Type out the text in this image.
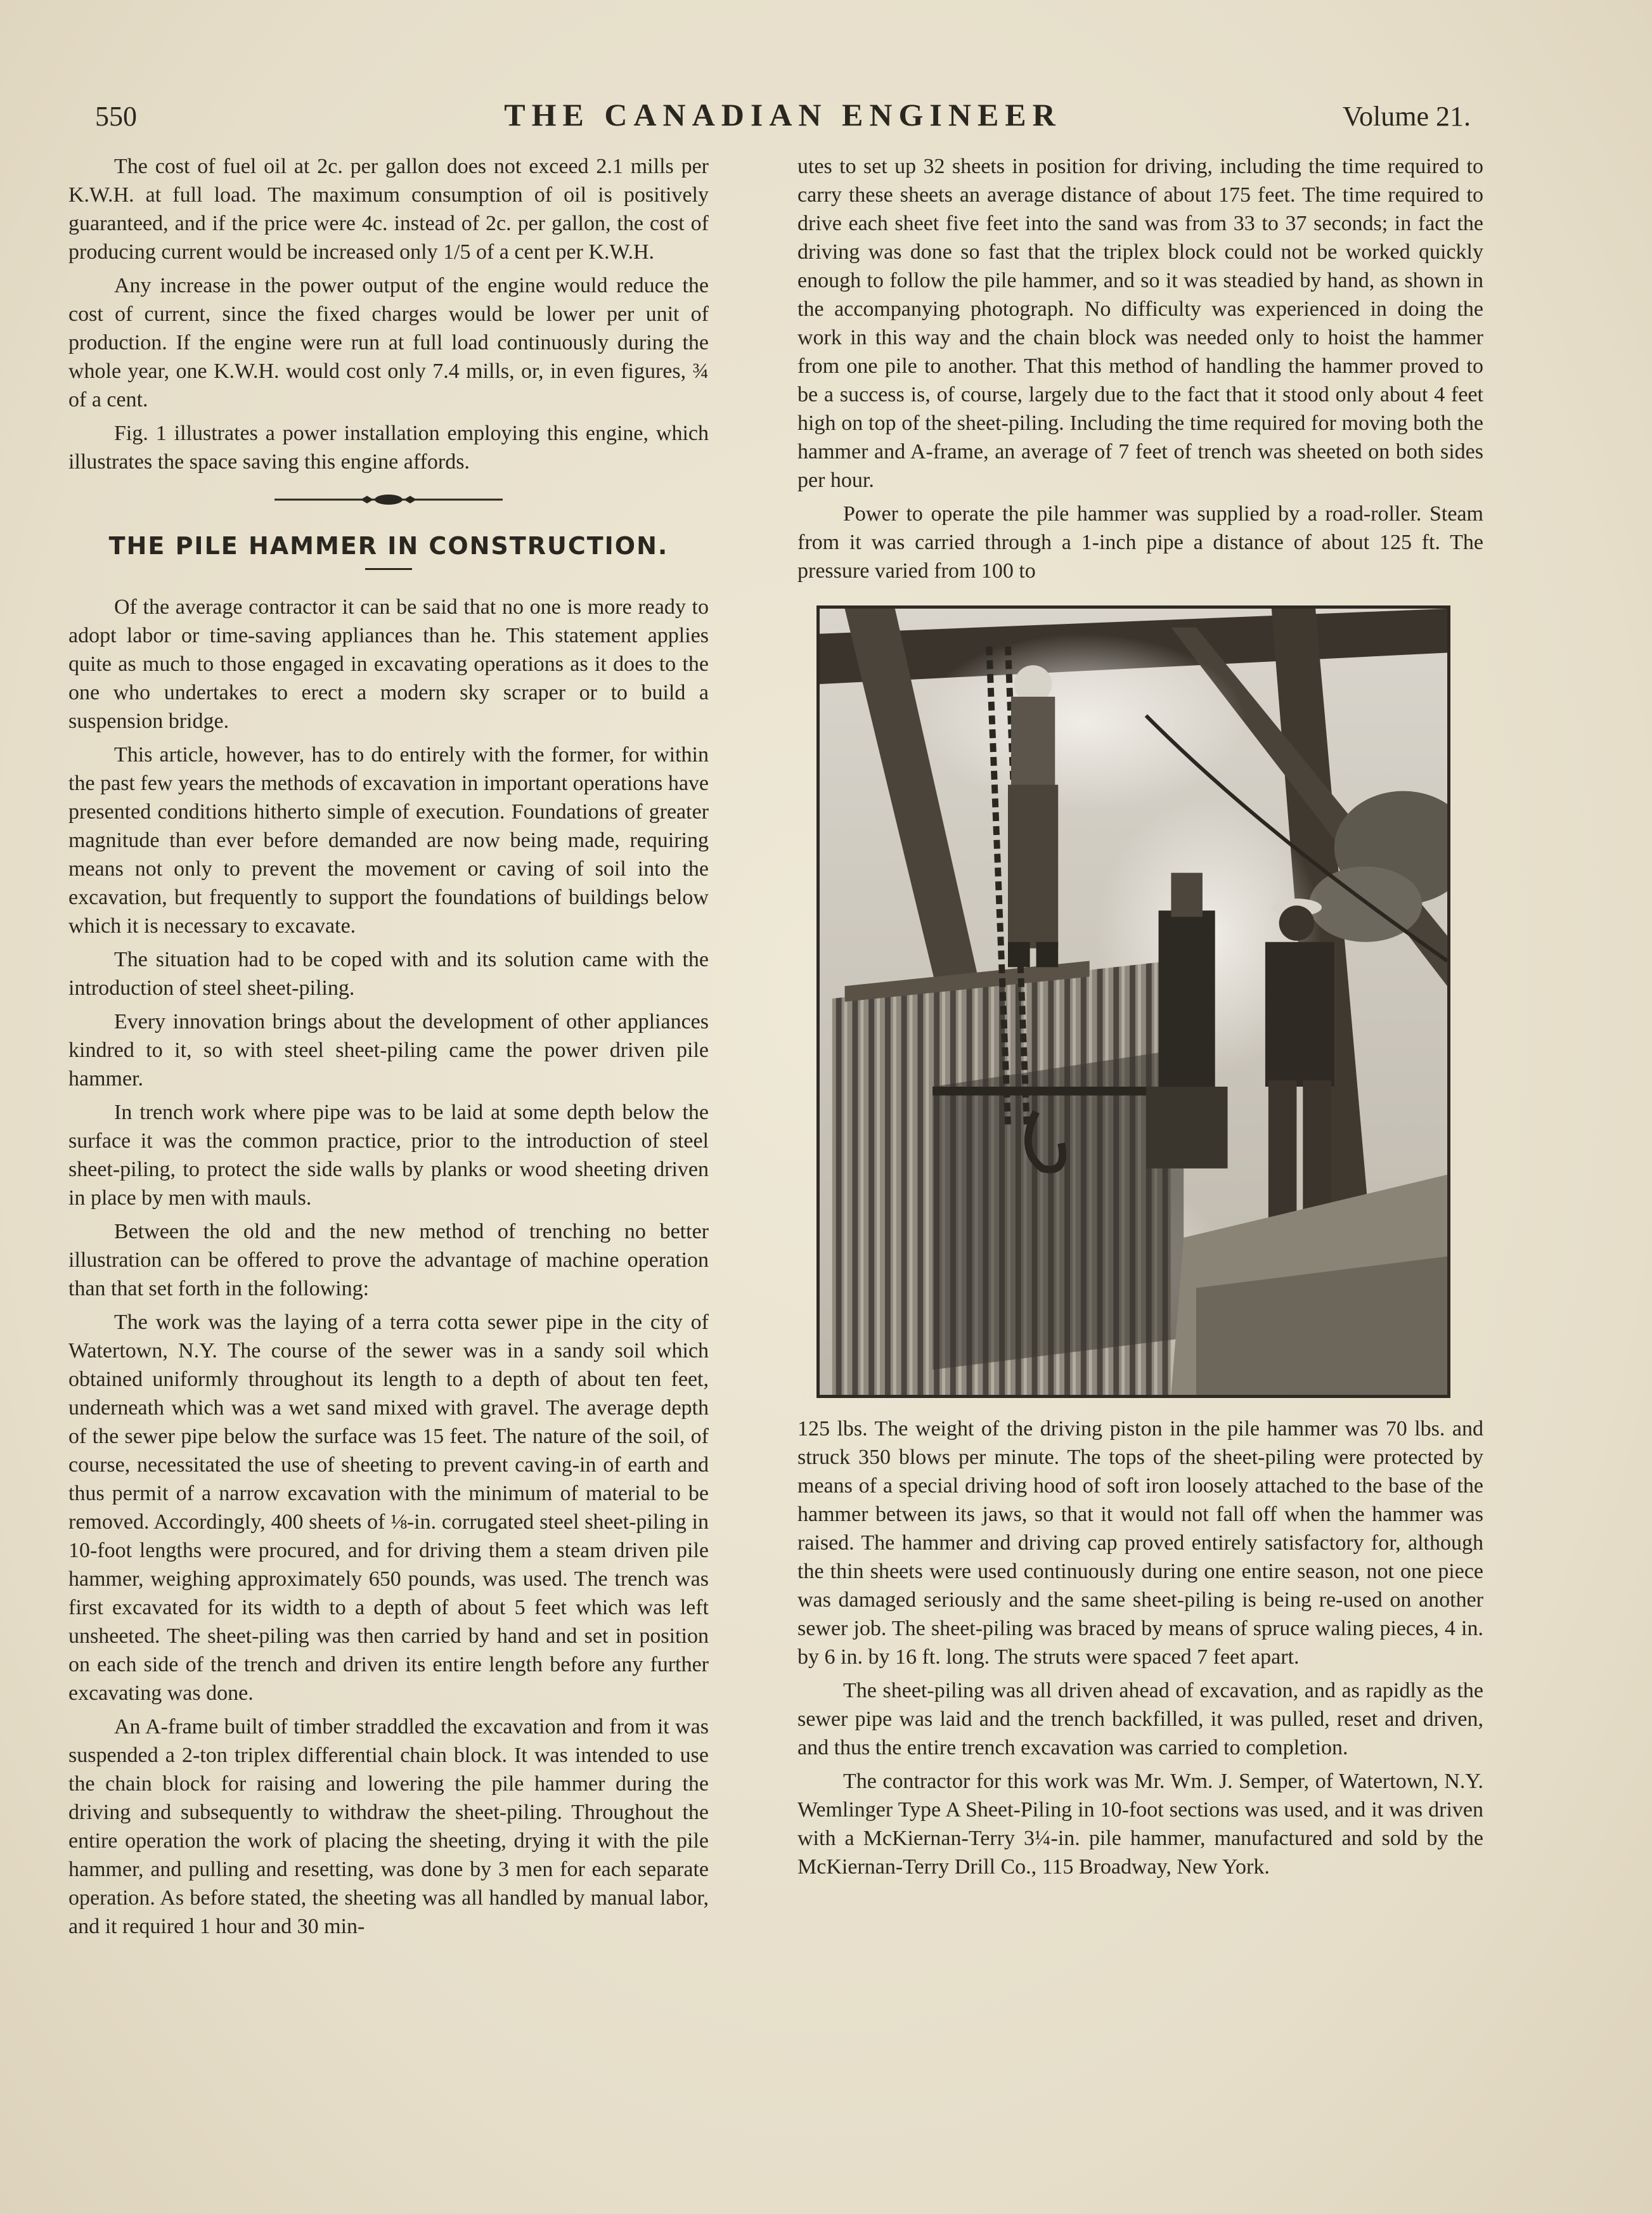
550	THE CANADIAN ENGINEER	Volume 21.

The cost of fuel oil at 2c. per gallon does not exceed 2.1 mills per K.W.H. at full load. The maximum consumption of oil is positively guaranteed, and if the price were 4c. instead of 2c. per gallon, the cost of producing current would be increased only 1/5 of a cent per K.W.H.

Any increase in the power output of the engine would reduce the cost of current, since the fixed charges would be lower per unit of production. If the engine were run at full load continuously during the whole year, one K.W.H. would cost only 7.4 mills, or, in even figures, ¾ of a cent.

Fig. 1 illustrates a power installation employing this engine, which illustrates the space saving this engine affords.

THE PILE HAMMER IN CONSTRUCTION.

Of the average contractor it can be said that no one is more ready to adopt labor or time-saving appliances than he. This statement applies quite as much to those engaged in excavating operations as it does to the one who undertakes to erect a modern sky scraper or to build a suspension bridge.

This article, however, has to do entirely with the former, for within the past few years the methods of excavation in important operations have presented conditions hitherto simple of execution. Foundations of greater magnitude than ever before demanded are now being made, requiring means not only to prevent the movement or caving of soil into the excavation, but frequently to support the foundations of buildings below which it is necessary to excavate.

The situation had to be coped with and its solution came with the introduction of steel sheet-piling.

Every innovation brings about the development of other appliances kindred to it, so with steel sheet-piling came the power driven pile hammer.

In trench work where pipe was to be laid at some depth below the surface it was the common practice, prior to the introduction of steel sheet-piling, to protect the side walls by planks or wood sheeting driven in place by men with mauls.

Between the old and the new method of trenching no better illustration can be offered to prove the advantage of machine operation than that set forth in the following:

The work was the laying of a terra cotta sewer pipe in the city of Watertown, N.Y. The course of the sewer was in a sandy soil which obtained uniformly throughout its length to a depth of about ten feet, underneath which was a wet sand mixed with gravel. The average depth of the sewer pipe below the surface was 15 feet. The nature of the soil, of course, necessitated the use of sheeting to prevent caving-in of earth and thus permit of a narrow excavation with the minimum of material to be removed. Accordingly, 400 sheets of ⅛-in. corrugated steel sheet-piling in 10-foot lengths were procured, and for driving them a steam driven pile hammer, weighing approximately 650 pounds, was used. The trench was first excavated for its width to a depth of about 5 feet which was left unsheeted. The sheet-piling was then carried by hand and set in position on each side of the trench and driven its entire length before any further excavating was done.

An A-frame built of timber straddled the excavation and from it was suspended a 2-ton triplex differential chain block. It was intended to use the chain block for raising and lowering the pile hammer during the driving and subsequently to withdraw the sheet-piling. Throughout the entire operation the work of placing the sheeting, drying it with the pile hammer, and pulling and resetting, was done by 3 men for each separate operation. As before stated, the sheeting was all handled by manual labor, and it required 1 hour and 30 min-

utes to set up 32 sheets in position for driving, including the time required to carry these sheets an average distance of about 175 feet. The time required to drive each sheet five feet into the sand was from 33 to 37 seconds; in fact the driving was done so fast that the triplex block could not be worked quickly enough to follow the pile hammer, and so it was steadied by hand, as shown in the accompanying photograph. No difficulty was experienced in doing the work in this way and the chain block was needed only to hoist the hammer from one pile to another. That this method of handling the hammer proved to be a success is, of course, largely due to the fact that it stood only about 4 feet high on top of the sheet-piling. Including the time required for moving both the hammer and A-frame, an average of 7 feet of trench was sheeted on both sides per hour.

Power to operate the pile hammer was supplied by a road-roller. Steam from it was carried through a 1-inch pipe a distance of about 125 ft. The pressure varied from 100 to

125 lbs. The weight of the driving piston in the pile hammer was 70 lbs. and struck 350 blows per minute. The tops of the sheet-piling were protected by means of a special driving hood of soft iron loosely attached to the base of the hammer between its jaws, so that it would not fall off when the hammer was raised. The hammer and driving cap proved entirely satisfactory for, although the thin sheets were used continuously during one entire season, not one piece was damaged seriously and the same sheet-piling is being re-used on another sewer job. The sheet-piling was braced by means of spruce waling pieces, 4 in. by 6 in. by 16 ft. long. The struts were spaced 7 feet apart.

The sheet-piling was all driven ahead of excavation, and as rapidly as the sewer pipe was laid and the trench backfilled, it was pulled, reset and driven, and thus the entire trench excavation was carried to completion.

The contractor for this work was Mr. Wm. J. Semper, of Watertown, N.Y. Wemlinger Type A Sheet-Piling in 10-foot sections was used, and it was driven with a McKiernan-Terry 3¼-in. pile hammer, manufactured and sold by the McKiernan-Terry Drill Co., 115 Broadway, New York.
